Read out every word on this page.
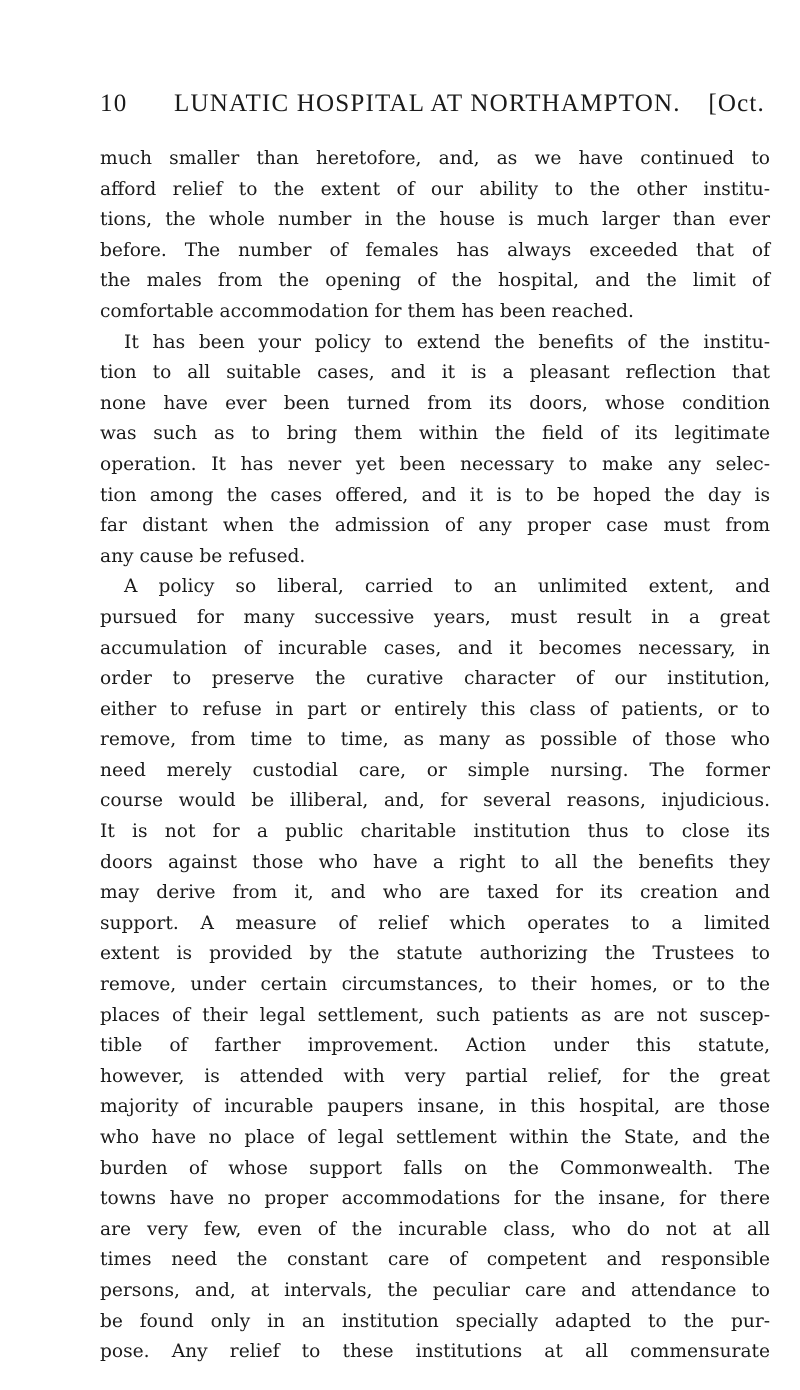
10 LUNATIC HOSPITAL AT NORTHAMPTON. [Oct.
much smaller than heretofore, and, as we have continued to
afford relief to the extent of our ability to the other institu-
tions, the whole number in the house is much larger than ever
before. The number of females has always exceeded that of
the males from the opening of the hospital, and the limit of
comfortable accommodation for them has been reached.
It has been your policy to extend the benefits of the institu-
tion to all suitable cases, and it is a pleasant reflection that
none have ever been turned from its doors, whose condition
was such as to bring them within the field of its legitimate
operation. It has never yet been necessary to make any selec-
tion among the cases offered, and it is to be hoped the day is
far distant when the admission of any proper case must from
any cause be refused.
A policy so liberal, carried to an unlimited extent, and
pursued for many successive years, must result in a great
accumulation of incurable cases, and it becomes necessary, in
order to preserve the curative character of our institution,
either to refuse in part or entirely this class of patients, or to
remove, from time to time, as many as possible of those who
need merely custodial care, or simple nursing. The former
course would be illiberal, and, for several reasons, injudicious.
It is not for a public charitable institution thus to close its
doors against those who have a right to all the benefits they
may derive from it, and who are taxed for its creation and
support. A measure of relief which operates to a limited
extent is provided by the statute authorizing the Trustees to
remove, under certain circumstances, to their homes, or to the
places of their legal settlement, such patients as are not suscep-
tible of farther improvement. Action under this statute,
however, is attended with very partial relief, for the great
majority of incurable paupers insane, in this hospital, are those
who have no place of legal settlement within the State, and the
burden of whose support falls on the Commonwealth. The
towns have no proper accommodations for the insane, for there
are very few, even of the incurable class, who do not at all
times need the constant care of competent and responsible
persons, and, at intervals, the peculiar care and attendance to
be found only in an institution specially adapted to the pur-
pose. Any relief to these institutions at all commensurate
